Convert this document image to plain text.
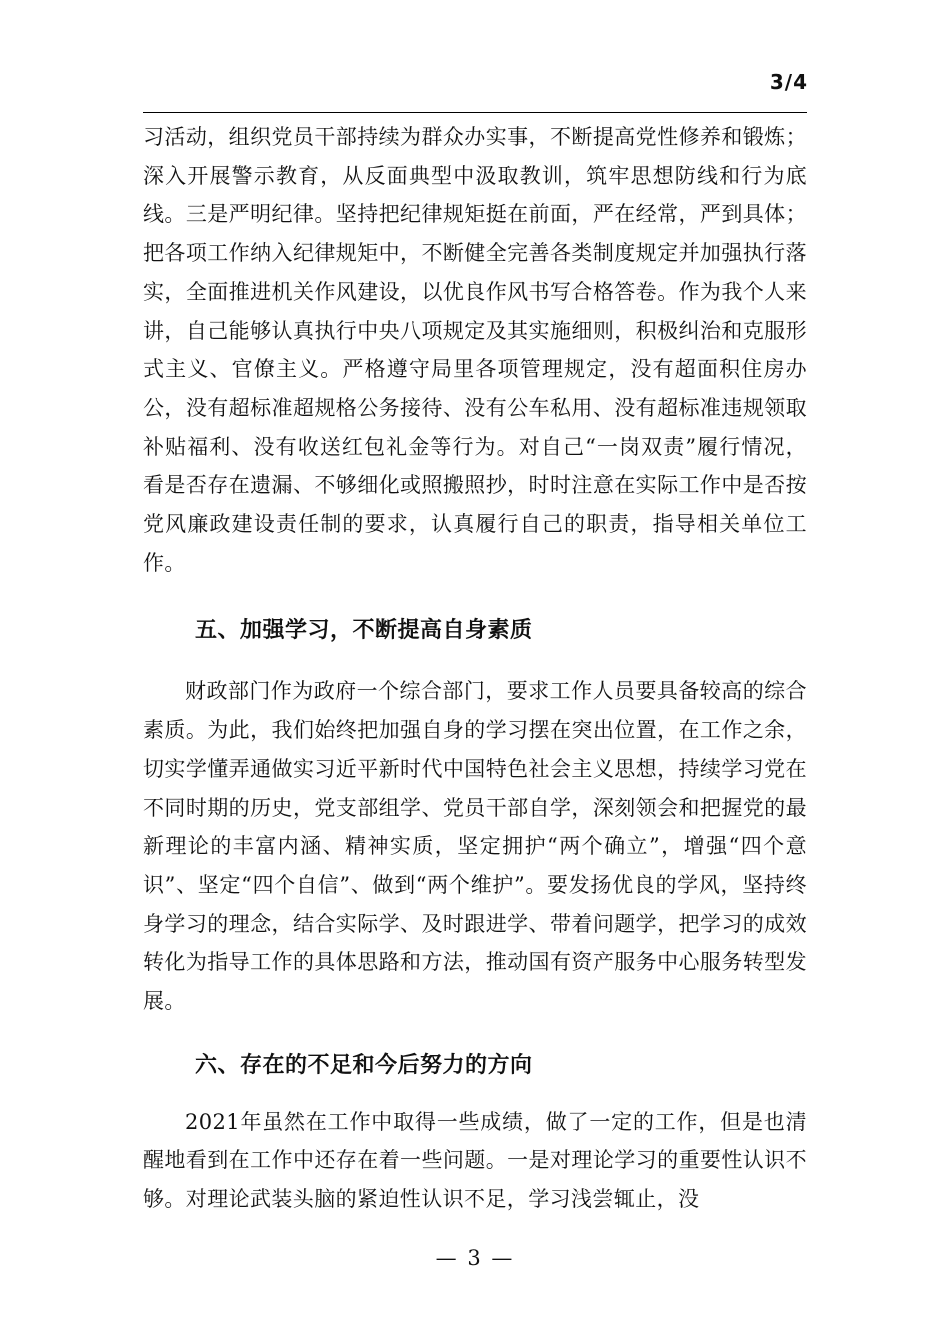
3/4

习活动，组织党员干部持续为群众办实事，不断提高党性修养和锻炼；深入开展警示教育，从反面典型中汲取教训，筑牢思想防线和行为底线。三是严明纪律。坚持把纪律规矩挺在前面，严在经常，严到具体；把各项工作纳入纪律规矩中，不断健全完善各类制度规定并加强执行落实，全面推进机关作风建设，以优良作风书写合格答卷。作为我个人来讲，自己能够认真执行中央八项规定及其实施细则，积极纠治和克服形式主义、官僚主义。严格遵守局里各项管理规定，没有超面积住房办公，没有超标准超规格公务接待、没有公车私用、没有超标准违规领取补贴福利、没有收送红包礼金等行为。对自己“一岗双责”履行情况，看是否存在遗漏、不够细化或照搬照抄，时时注意在实际工作中是否按党风廉政建设责任制的要求，认真履行自己的职责，指导相关单位工作。

五、加强学习，不断提高自身素质

财政部门作为政府一个综合部门，要求工作人员要具备较高的综合素质。为此，我们始终把加强自身的学习摆在突出位置，在工作之余，切实学懂弄通做实习近平新时代中国特色社会主义思想，持续学习党在不同时期的历史，党支部组学、党员干部自学，深刻领会和把握党的最新理论的丰富内涵、精神实质，坚定拥护“两个确立”，增强“四个意识”、坚定“四个自信”、做到“两个维护”。要发扬优良的学风，坚持终身学习的理念，结合实际学、及时跟进学、带着问题学，把学习的成效转化为指导工作的具体思路和方法，推动国有资产服务中心服务转型发展。

六、存在的不足和今后努力的方向

2021年虽然在工作中取得一些成绩，做了一定的工作，但是也清醒地看到在工作中还存在着一些问题。一是对理论学习的重要性认识不够。对理论武装头脑的紧迫性认识不足，学习浅尝辄止，没

— 3 —
